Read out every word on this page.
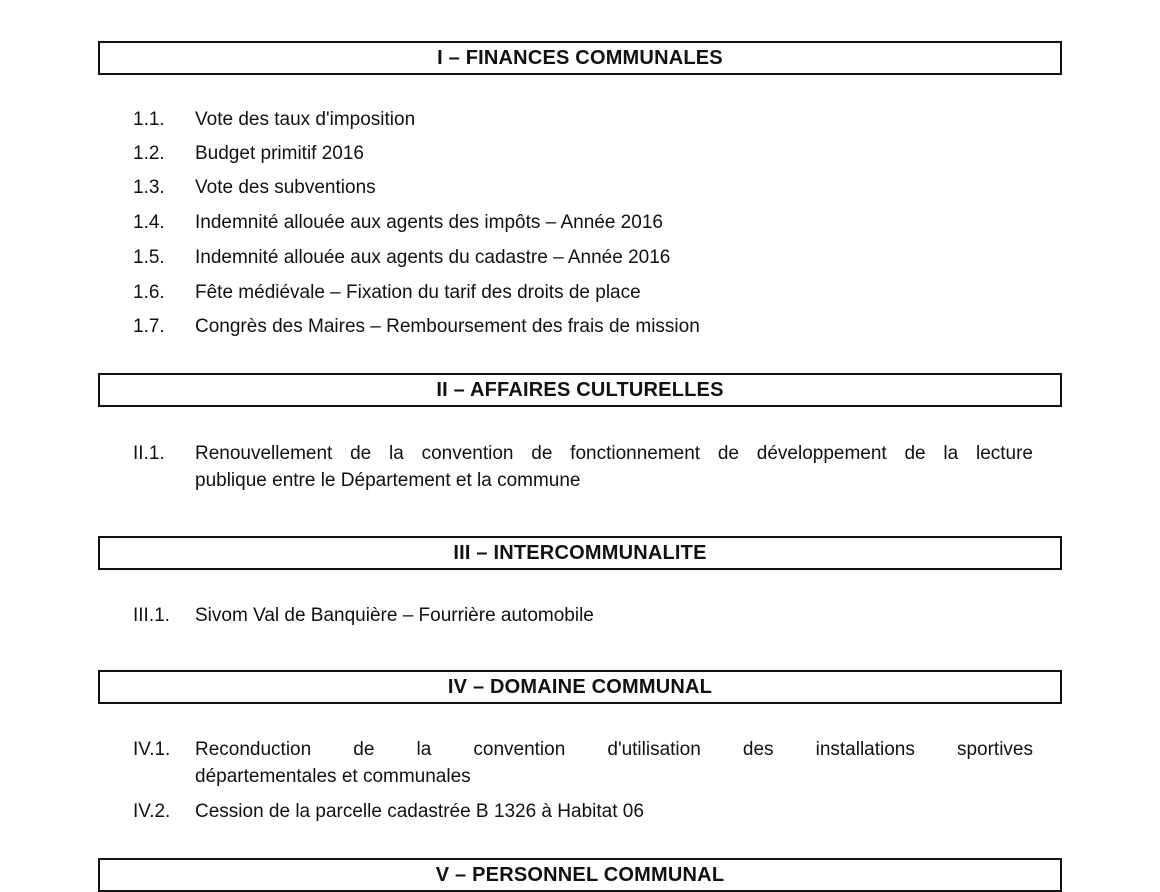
I – FINANCES COMMUNALES
1.1.	Vote des taux d'imposition
1.2.	Budget primitif 2016
1.3.	Vote des subventions
1.4.	Indemnité allouée aux agents des impôts – Année 2016
1.5.	Indemnité allouée aux agents du cadastre – Année 2016
1.6.	Fête médiévale – Fixation du tarif des droits de place
1.7.	Congrès des Maires – Remboursement des frais de mission
II – AFFAIRES CULTURELLES
II.1.	Renouvellement de la convention de fonctionnement de développement de la lecture
publique entre le Département et la commune
III – INTERCOMMUNALITE
III.1.	Sivom Val de Banquière – Fourrière automobile
IV – DOMAINE COMMUNAL
IV.1.	Reconduction de la convention d'utilisation des installations sportives
départementales et communales
IV.2.	Cession de la parcelle cadastrée B 1326 à Habitat 06
V – PERSONNEL COMMUNAL
